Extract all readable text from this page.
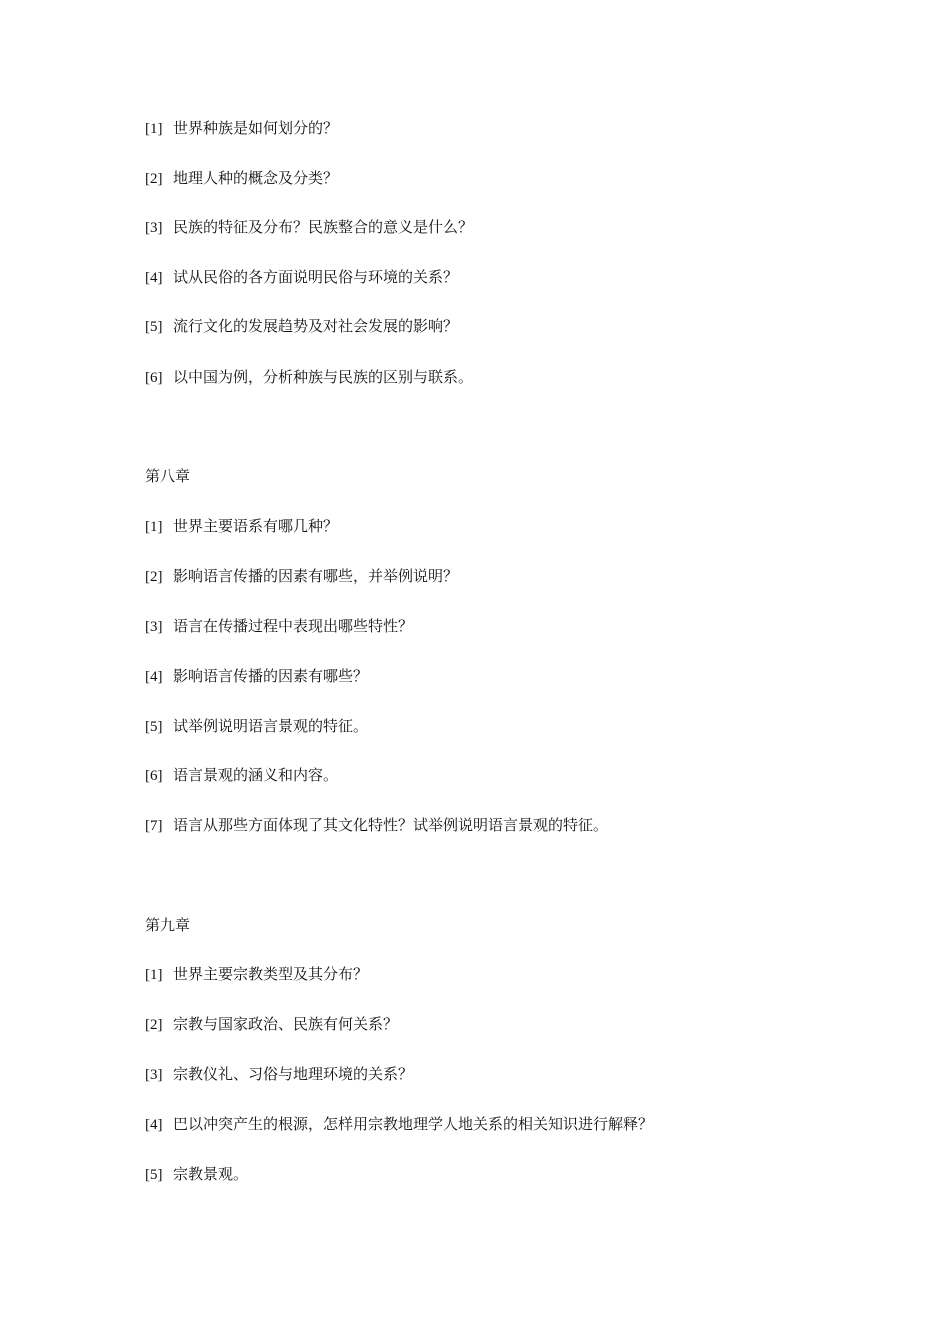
[1] 世界种族是如何划分的？
[2] 地理人种的概念及分类？
[3] 民族的特征及分布？民族整合的意义是什么？
[4] 试从民俗的各方面说明民俗与环境的关系？
[5] 流行文化的发展趋势及对社会发展的影响？
[6] 以中国为例，分析种族与民族的区别与联系。
第八章
[1] 世界主要语系有哪几种？
[2] 影响语言传播的因素有哪些，并举例说明？
[3] 语言在传播过程中表现出哪些特性？
[4] 影响语言传播的因素有哪些？
[5] 试举例说明语言景观的特征。
[6] 语言景观的涵义和内容。
[7] 语言从那些方面体现了其文化特性？试举例说明语言景观的特征。
第九章
[1] 世界主要宗教类型及其分布？
[2] 宗教与国家政治、民族有何关系？
[3] 宗教仪礼、习俗与地理环境的关系？
[4] 巴以冲突产生的根源，怎样用宗教地理学人地关系的相关知识进行解释？
[5] 宗教景观。
